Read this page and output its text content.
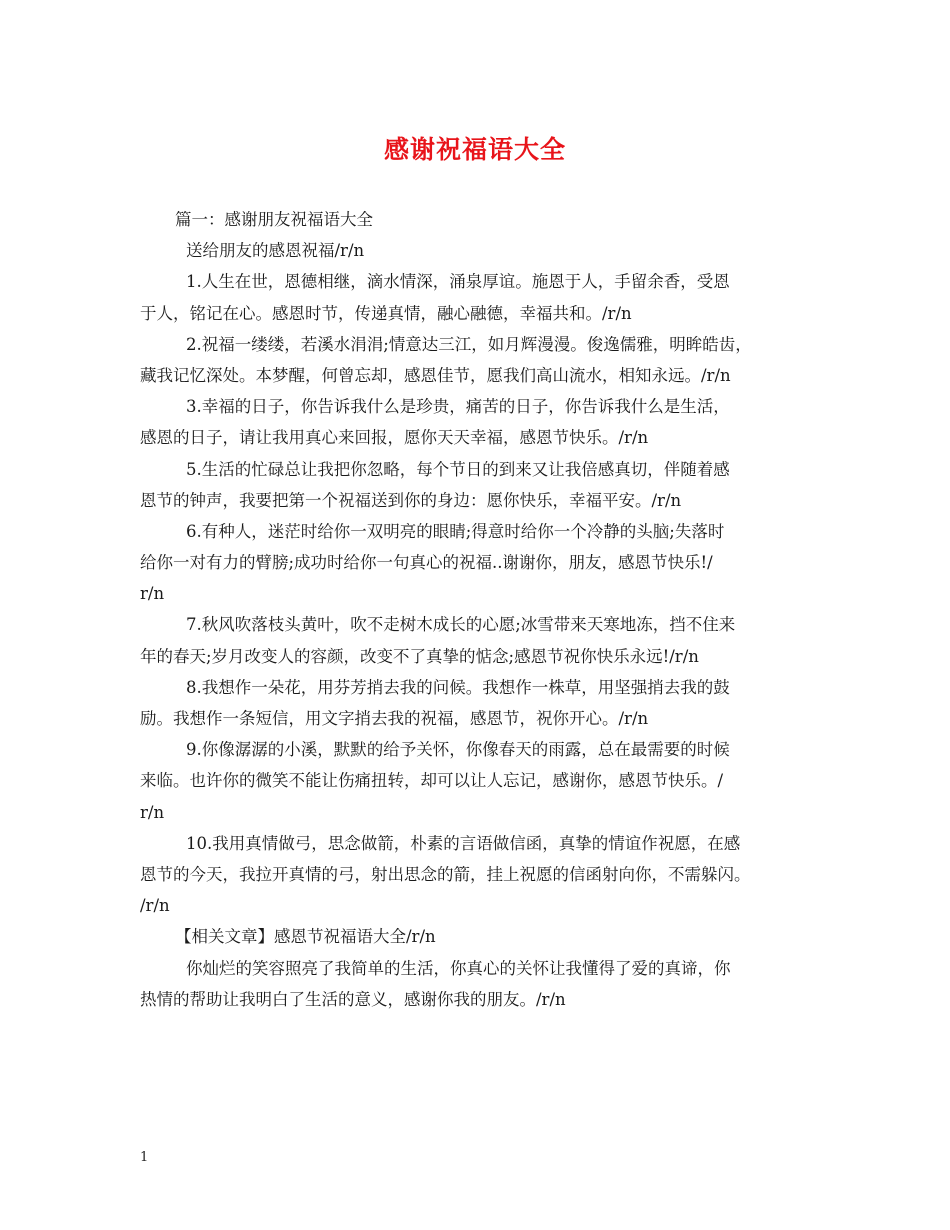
感谢祝福语大全
篇一：感谢朋友祝福语大全
送给朋友的感恩祝福/r/n
1.人生在世，恩德相继，滴水情深，涌泉厚谊。施恩于人，手留余香，受恩
于人，铭记在心。感恩时节，传递真情，融心融德，幸福共和。/r/n
2.祝福一缕缕，若溪水涓涓;情意达三江，如月辉漫漫。俊逸儒雅，明眸皓齿，
藏我记忆深处。本梦醒，何曾忘却，感恩佳节，愿我们高山流水，相知永远。/r/n
3.幸福的日子，你告诉我什么是珍贵，痛苦的日子，你告诉我什么是生活，
感恩的日子，请让我用真心来回报，愿你天天幸福，感恩节快乐。/r/n
5.生活的忙碌总让我把你忽略，每个节日的到来又让我倍感真切，伴随着感
恩节的钟声，我要把第一个祝福送到你的身边：愿你快乐，幸福平安。/r/n
6.有种人，迷茫时给你一双明亮的眼睛;得意时给你一个冷静的头脑;失落时
给你一对有力的臂膀;成功时给你一句真心的祝福..谢谢你，朋友，感恩节快乐!/
r/n
7.秋风吹落枝头黄叶，吹不走树木成长的心愿;冰雪带来天寒地冻，挡不住来
年的春天;岁月改变人的容颜，改变不了真挚的惦念;感恩节祝你快乐永远!/r/n
8.我想作一朵花，用芬芳捎去我的问候。我想作一株草，用坚强捎去我的鼓
励。我想作一条短信，用文字捎去我的祝福，感恩节，祝你开心。/r/n
9.你像潺潺的小溪，默默的给予关怀，你像春天的雨露，总在最需要的时候
来临。也许你的微笑不能让伤痛扭转，却可以让人忘记，感谢你，感恩节快乐。/
r/n
10.我用真情做弓，思念做箭，朴素的言语做信函，真挚的情谊作祝愿，在感
恩节的今天，我拉开真情的弓，射出思念的箭，挂上祝愿的信函射向你，不需躲闪。
/r/n
【相关文章】感恩节祝福语大全/r/n
你灿烂的笑容照亮了我简单的生活，你真心的关怀让我懂得了爱的真谛，你
热情的帮助让我明白了生活的意义，感谢你我的朋友。/r/n
1
